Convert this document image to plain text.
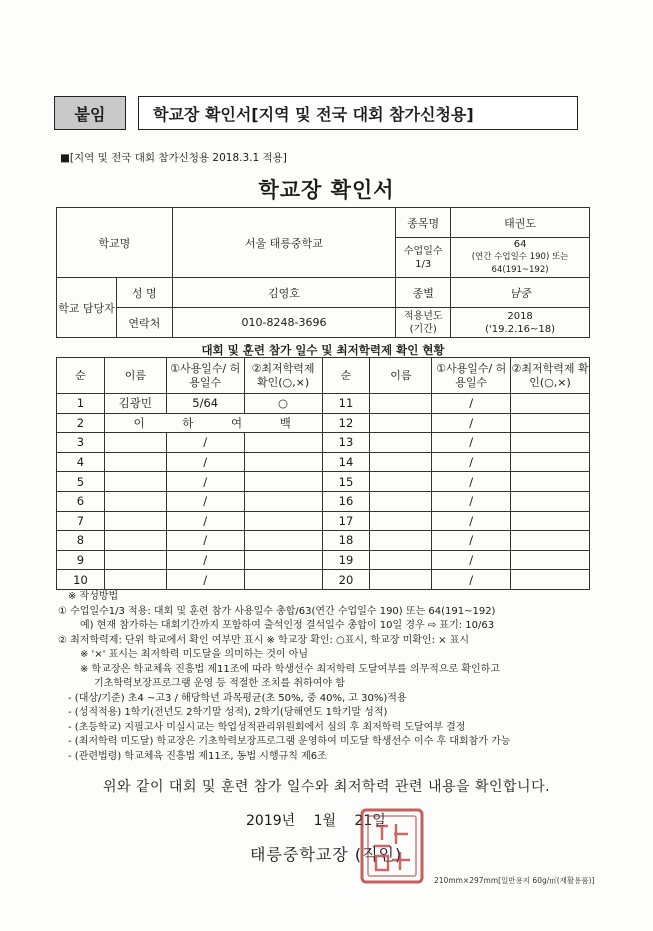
붙임	학교장 확인서[지역 및 전국 대회 참가신청용]
■[지역 및 전국 대회 참가신청용 2018.3.1 적용]
학교장 확인서
학교명		서울 태릉중학교	종목명	태권도
			수업일수 1/3	64
(연간 수업일수 190) 또는 64(191~192)

학교 담당자	성 명	김영호	종별	남중
	연락처	010-8248-3696	적용년도 (기간)	2018
('19.2.16~18)
대회 및 훈련 참가 일수 및 최저학력제 확인 현황
순	이름	①사용일수/ 허용일수	②최저학력제 확인(○,×)	순	이름	①사용일수/ 허용일수	②최저학력제 확인(○,×)
1	김광민	5/64	○	11		/	
2	이 하 여 백			12		/	
3		/		13		/	
4		/		14		/	
5		/		15		/	
6		/		16		/	
7		/		17		/	
8		/		18		/	
9		/		19		/	
10		/		20		/	
※ 작성방법
① 수업일수1/3 적용: 대회 및 훈련 참가 사용일수 총합/63(연간 수업일수 190) 또는 64(191~192)
예) 현재 참가하는 대회기간까지 포함하여 출석인정 결석일수 총합이 10일 경우 ⇨ 표기: 10/63
② 최저학력제: 단위 학교에서 확인 여부만 표시 ※ 학교장 확인: ○표시, 학교장 미확인: × 표시
※ '×' 표시는 최저학력 미도달을 의미하는 것이 아님
※ 학교장은 학교체육 진흥법 제11조에 따라 학생선수 최저학력 도달여부를 의무적으로 확인하고
기초학력보장프로그램 운영 등 적절한 조치를 취하여야 함
- (대상/기준) 초4 ~고3 / 해당학년 과목평균(초 50%, 중 40%, 고 30%)적용
- (성적적용) 1학기(전년도 2학기말 성적), 2학기(당해연도 1학기말 성적)
- (초등학교) 지필고사 미실시교는 학업성적관리위원회에서 심의 후 최저학력 도달여부 결정
- (최저학력 미도달) 학교장은 기초학력보장프로그램 운영하여 미도달 학생선수 이수 후 대회참가 가능
- (관련법령) 학교체육 진흥법 제11조, 동법 시행규칙 제6조
위와 같이 대회 및 훈련 참가 일수와 최저학력 관련 내용을 확인합니다.
2019년 1월 21일
태릉중학교장 (직인)
210mm×297mm[일반용지 60g/㎡(재활용품)]
